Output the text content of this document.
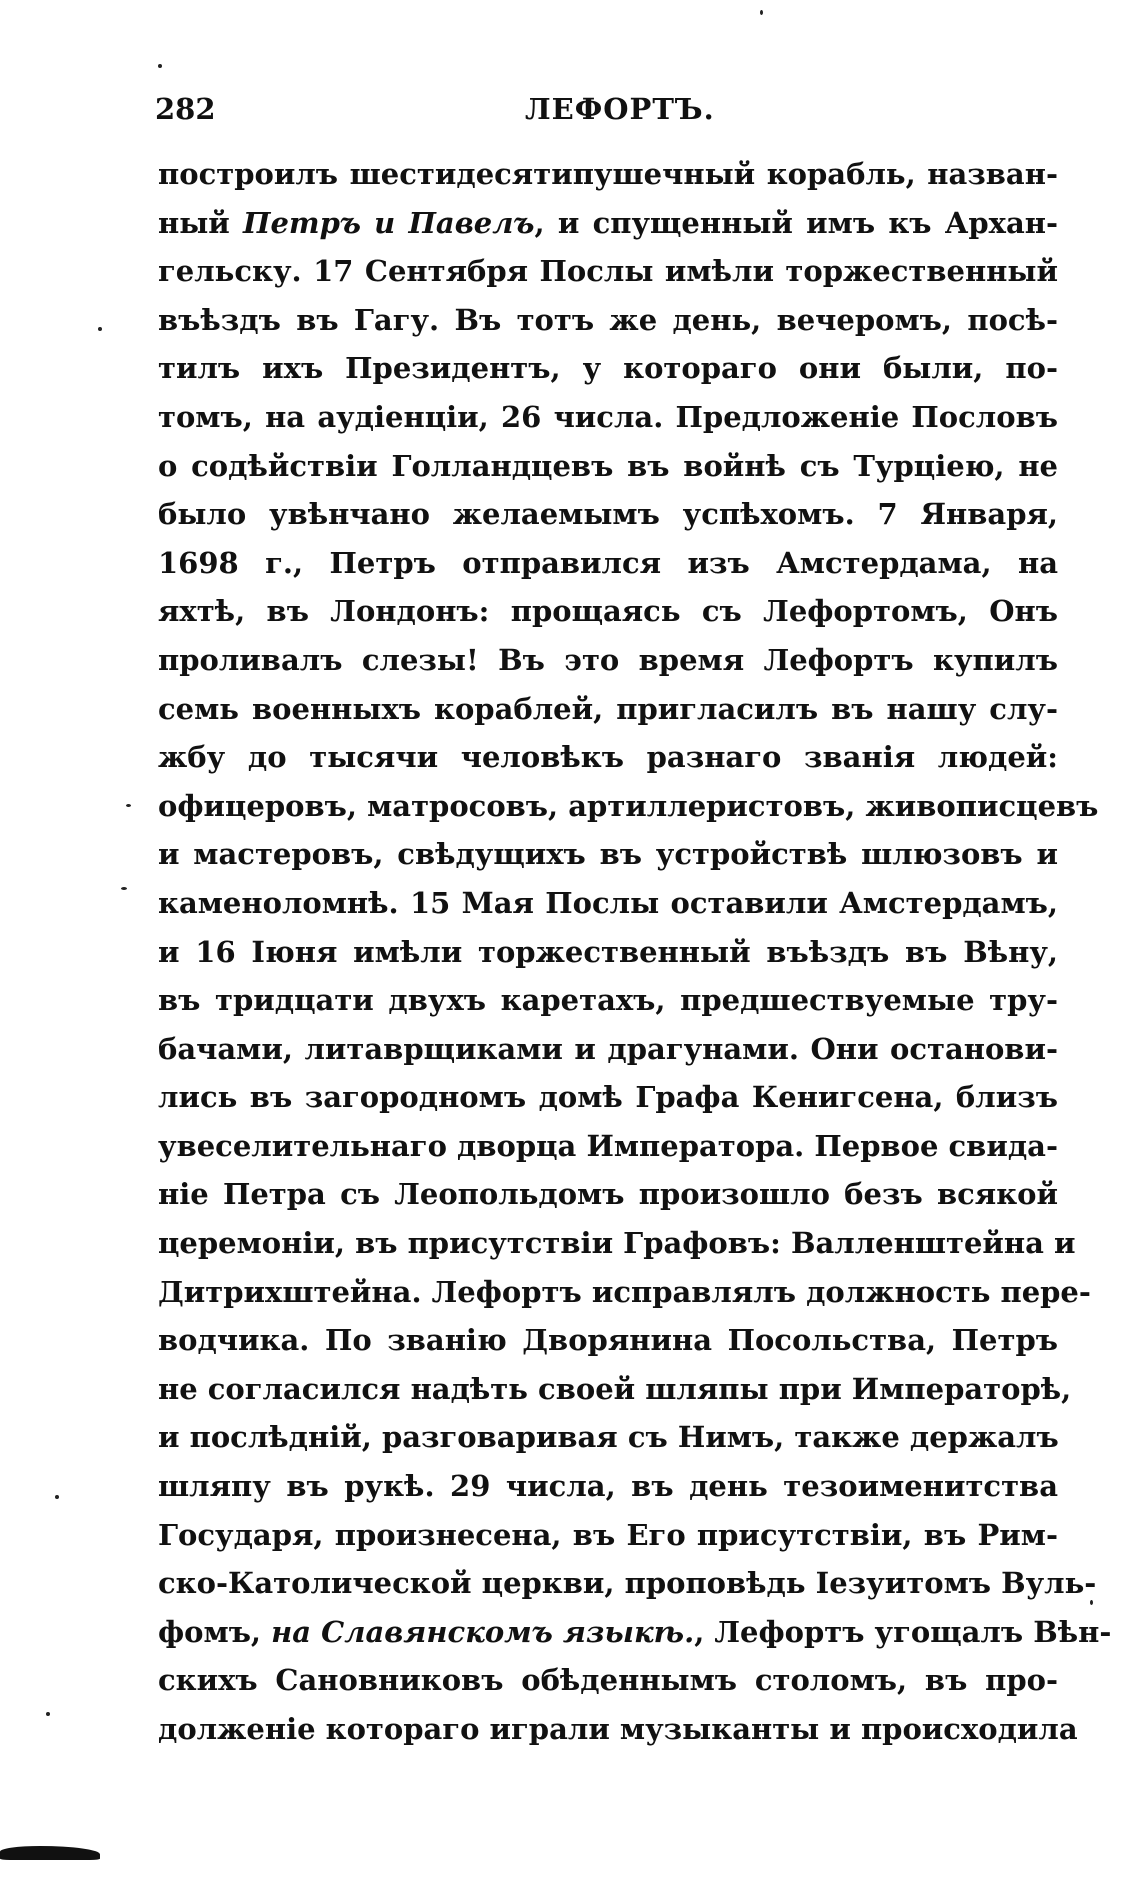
282	ЛЕФОРТЪ.
построилъ шестидесятипушечный корабль, назван-
ный Петръ и Павелъ, и спущенный имъ къ Архан-
гельску. 17 Сентября Послы имѣли торжественный
въѣздъ въ Гагу. Въ тотъ же день, вечеромъ, посѣ-
тилъ ихъ Президентъ, у котораго они были, по-
томъ, на аудіенціи, 26 числа. Предложеніе Пословъ
о содѣйствіи Голландцевъ въ войнѣ съ Турціею, не
было увѣнчано желаемымъ успѣхомъ. 7 Января,
1698 г., Петръ отправился изъ Амстердама, на
яхтѣ, въ Лондонъ: прощаясь съ Лефортомъ, Онъ
проливалъ слезы! Въ это время Лефортъ купилъ
семь военныхъ кораблей, пригласилъ въ нашу слу-
жбу до тысячи человѣкъ разнаго званія людей:
офицеровъ, матросовъ, артиллеристовъ, живописцевъ
и мастеровъ, свѣдущихъ въ устройствѣ шлюзовъ и
каменоломнѣ. 15 Мая Послы оставили Амстердамъ,
и 16 Іюня имѣли торжественный въѣздъ въ Вѣну,
въ тридцати двухъ каретахъ, предшествуемые тру-
бачами, литаврщиками и драгунами. Они останови-
лись въ загородномъ домѣ Графа Кенигсена, близъ
увеселительнаго дворца Императора. Первое свида-
ніе Петра съ Леопольдомъ произошло безъ всякой
церемоніи, въ присутствіи Графовъ: Валленштейна и
Дитрихштейна. Лефортъ исправлялъ должность пере-
водчика. По званію Дворянина Посольства, Петръ
не согласился надѣть своей шляпы при Императорѣ,
и послѣдній, разговаривая съ Нимъ, также держалъ
шляпу въ рукѣ. 29 числа, въ день тезоименитства
Государя, произнесена, въ Его присутствіи, въ Рим-
ско-Католической церкви, проповѣдь Іезуитомъ Вуль-
фомъ, на Славянскомъ языкѣ., Лефортъ угощалъ Вѣн-
скихъ Сановниковъ обѣденнымъ столомъ, въ про-
долженіе котораго играли музыканты и происходила
